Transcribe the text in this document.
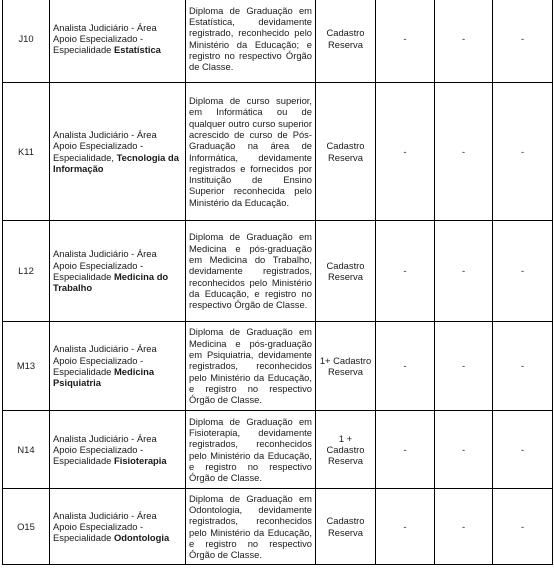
J10	Analista Judiciário - Área Apoio Especializado - Especialidade Estatística	Diploma de Graduação em Estatística, devidamente registrado, reconhecido pelo Ministério da Educação; e registro no respectivo Órgão de Classe.	Cadastro Reserva	-	-	-
K11	Analista Judiciário - Área Apoio Especializado - Especialidade, Tecnologia da Informação	Diploma de curso superior, em Informática ou de qualquer outro curso superior acrescido de curso de Pós-Graduação na área de Informática, devidamente registrados e fornecidos por Instituição de Ensino Superior reconhecida pelo Ministério da Educação.	Cadastro Reserva	-	-	-
L12	Analista Judiciário - Área Apoio Especializado - Especialidade Medicina do Trabalho	Diploma de Graduação em Medicina e pós-graduação em Medicina do Trabalho, devidamente registrados, reconhecidos pelo Ministério da Educação, e registro no respectivo Órgão de Classe.	Cadastro Reserva	-	-	-
M13	Analista Judiciário - Área Apoio Especializado - Especialidade Medicina Psiquiatria	Diploma de Graduação em Medicina e pós-graduação em Psiquiatria, devidamente registrados, reconhecidos pelo Ministério da Educação, e registro no respectivo Órgão de Classe.	1+ Cadastro Reserva	-	-	-
N14	Analista Judiciário - Área Apoio Especializado - Especialidade Fisioterapia	Diploma de Graduação em Fisioterapia, devidamente registrados, reconhecidos pelo Ministério da Educação, e registro no respectivo Órgão de Classe.	1 + Cadastro Reserva	-	-	-
O15	Analista Judiciário - Área Apoio Especializado - Especialidade Odontologia	Diploma de Graduação em Odontologia, devidamente registrados, reconhecidos pelo Ministério da Educação, e registro no respectivo Órgão de Classe.	Cadastro Reserva	-	-	-
